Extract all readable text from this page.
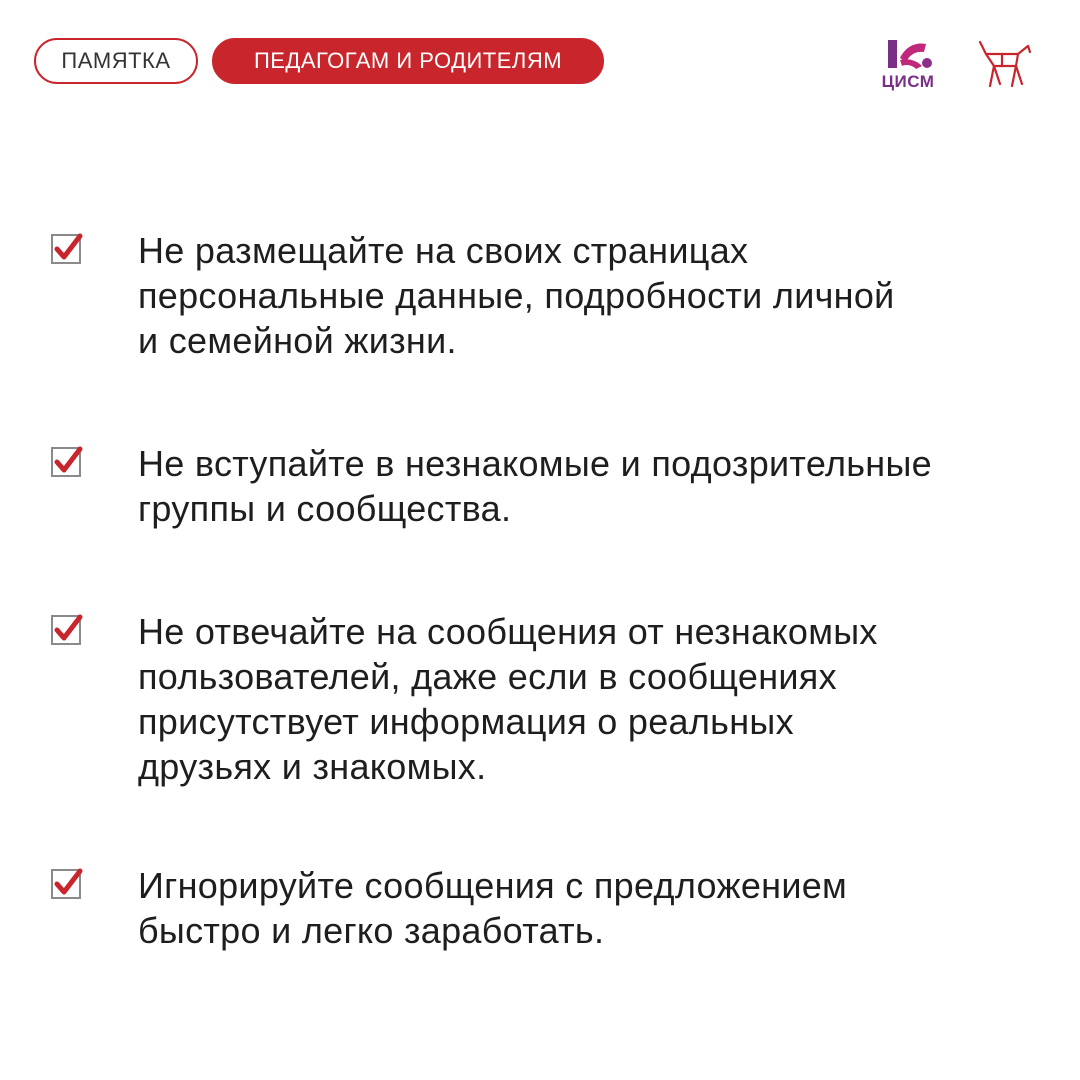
ПАМЯТКА	ПЕДАГОГАМ И РОДИТЕЛЯМ
ЦИСМ

Не размещайте на своих страницах
персональные данные, подробности личной
и семейной жизни.

Не вступайте в незнакомые и подозрительные
группы и сообщества.

Не отвечайте на сообщения от незнакомых
пользователей, даже если в сообщениях
присутствует информация о реальных
друзьях и знакомых.

Игнорируйте сообщения с предложением
быстро и легко заработать.
